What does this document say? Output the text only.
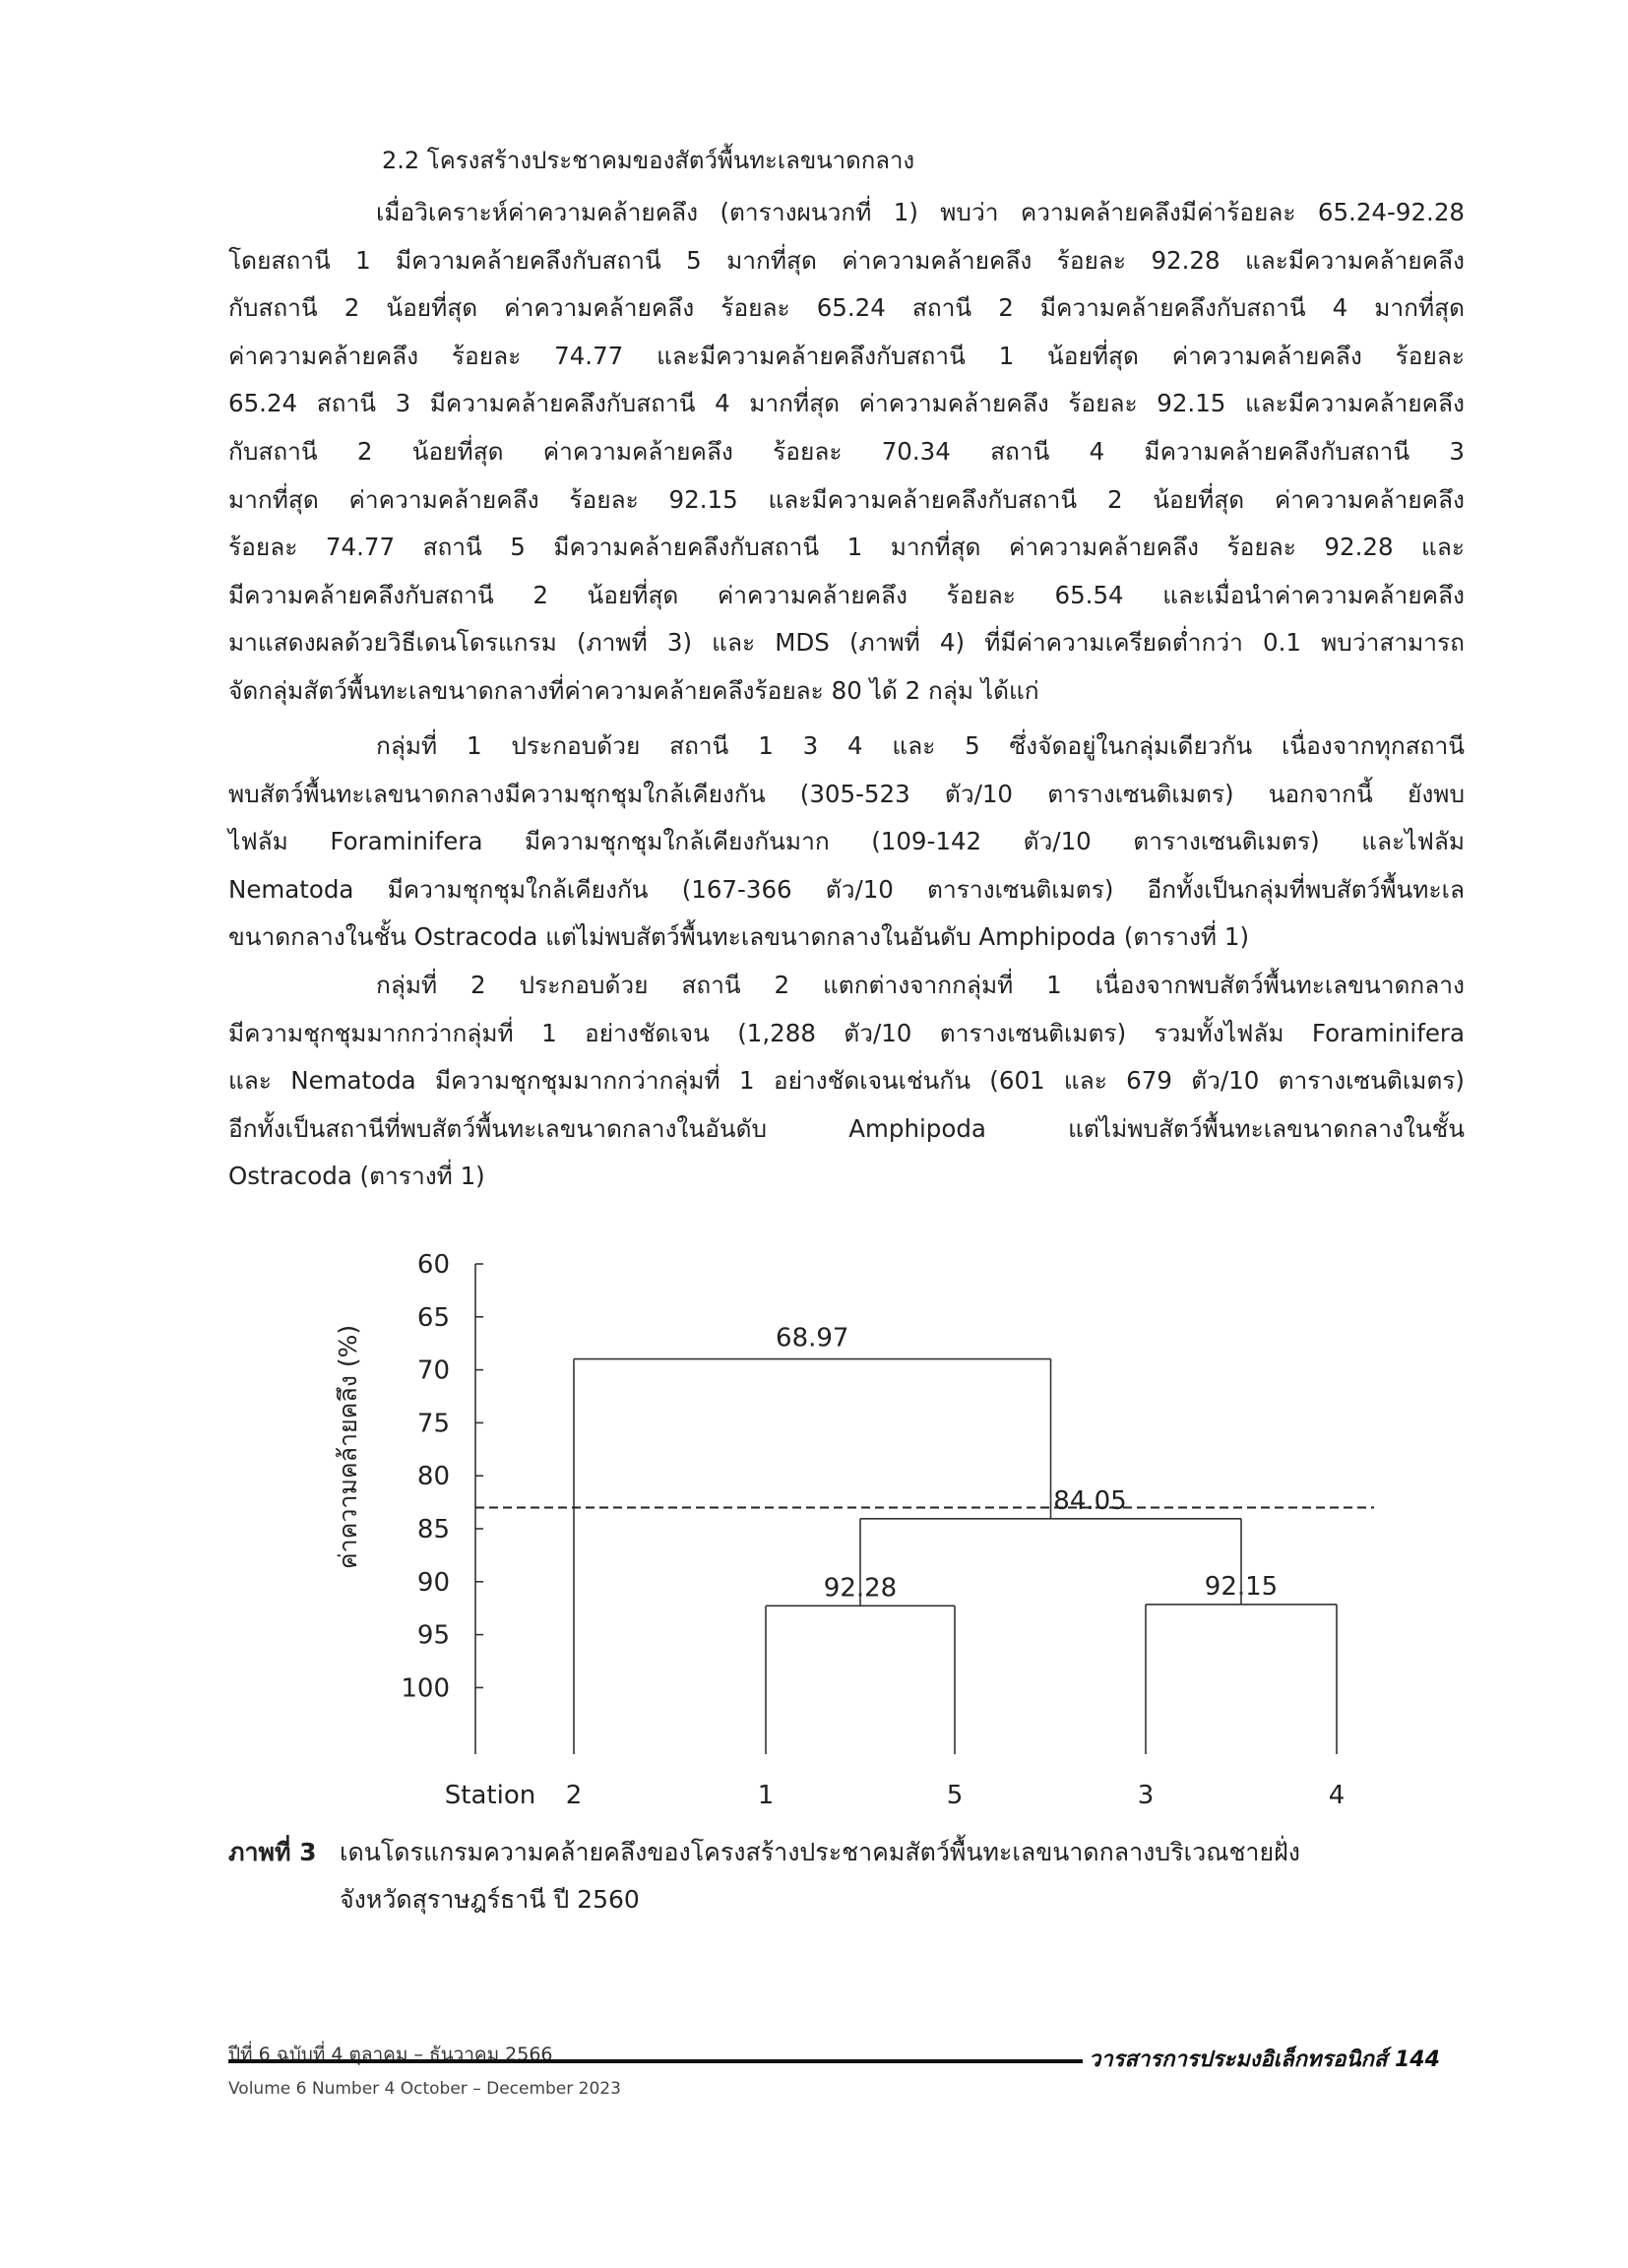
2.2 โครงสร้างประชาคมของสัตว์พื้นทะเลขนาดกลาง
เมื่อวิเคราะห์ค่าความคล้ายคลึง (ตารางผนวกที่ 1) พบว่า ความคล้ายคลึงมีค่าร้อยละ 65.24-92.28
โดยสถานี 1 มีความคล้ายคลึงกับสถานี 5 มากที่สุด ค่าความคล้ายคลึง ร้อยละ 92.28 และมีความคล้ายคลึง
กับสถานี 2 น้อยที่สุด ค่าความคล้ายคลึง ร้อยละ 65.24 สถานี 2 มีความคล้ายคลึงกับสถานี 4 มากที่สุด
ค่าความคล้ายคลึง ร้อยละ 74.77 และมีความคล้ายคลึงกับสถานี 1 น้อยที่สุด ค่าความคล้ายคลึง ร้อยละ
65.24 สถานี 3 มีความคล้ายคลึงกับสถานี 4 มากที่สุด ค่าความคล้ายคลึง ร้อยละ 92.15 และมีความคล้ายคลึง
กับสถานี 2 น้อยที่สุด ค่าความคล้ายคลึง ร้อยละ 70.34 สถานี 4 มีความคล้ายคลึงกับสถานี 3
มากที่สุด ค่าความคล้ายคลึง ร้อยละ 92.15 และมีความคล้ายคลึงกับสถานี 2 น้อยที่สุด ค่าความคล้ายคลึง
ร้อยละ 74.77 สถานี 5 มีความคล้ายคลึงกับสถานี 1 มากที่สุด ค่าความคล้ายคลึง ร้อยละ 92.28 และ
มีความคล้ายคลึงกับสถานี 2 น้อยที่สุด ค่าความคล้ายคลึง ร้อยละ 65.54 และเมื่อนำค่าความคล้ายคลึง
มาแสดงผลด้วยวิธีเดนโดรแกรม (ภาพที่ 3) และ MDS (ภาพที่ 4) ที่มีค่าความเครียดต่ำกว่า 0.1 พบว่าสามารถ
จัดกลุ่มสัตว์พื้นทะเลขนาดกลางที่ค่าความคล้ายคลึงร้อยละ 80 ได้ 2 กลุ่ม ได้แก่
กลุ่มที่ 1 ประกอบด้วย สถานี 1 3 4 และ 5 ซึ่งจัดอยู่ในกลุ่มเดียวกัน เนื่องจากทุกสถานี
พบสัตว์พื้นทะเลขนาดกลางมีความชุกชุมใกล้เคียงกัน (305-523 ตัว/10 ตารางเซนติเมตร) นอกจากนี้ ยังพบ
ไฟลัม Foraminifera มีความชุกชุมใกล้เคียงกันมาก (109-142 ตัว/10 ตารางเซนติเมตร) และไฟลัม
Nematoda มีความชุกชุมใกล้เคียงกัน (167-366 ตัว/10 ตารางเซนติเมตร) อีกทั้งเป็นกลุ่มที่พบสัตว์พื้นทะเล
ขนาดกลางในชั้น Ostracoda แต่ไม่พบสัตว์พื้นทะเลขนาดกลางในอันดับ Amphipoda (ตารางที่ 1)
กลุ่มที่ 2 ประกอบด้วย สถานี 2 แตกต่างจากกลุ่มที่ 1 เนื่องจากพบสัตว์พื้นทะเลขนาดกลาง
มีความชุกชุมมากกว่ากลุ่มที่ 1 อย่างชัดเจน (1,288 ตัว/10 ตารางเซนติเมตร) รวมทั้งไฟลัม Foraminifera
และ Nematoda มีความชุกชุมมากกว่ากลุ่มที่ 1 อย่างชัดเจนเช่นกัน (601 และ 679 ตัว/10 ตารางเซนติเมตร)
อีกทั้งเป็นสถานีที่พบสัตว์พื้นทะเลขนาดกลางในอันดับ Amphipoda แต่ไม่พบสัตว์พื้นทะเลขนาดกลางในชั้น
Ostracoda (ตารางที่ 1)
60
65
70
75
80
85
90
95
100
ค่าความคล้ายคลึง (%)
92.28	92.15
84.05
68.97
Station 2	1	5	3	4
ภาพที่ 3 เดนโดรแกรมความคล้ายคลึงของโครงสร้างประชาคมสัตว์พื้นทะเลขนาดกลางบริเวณชายฝั่ง
จังหวัดสุราษฎร์ธานี ปี 2560
ปีที่ 6 ฉบับที่ 4 ตุลาคม – ธันวาคม 2566	วารสารการประมงอิเล็กทรอนิกส์ 144
Volume 6 Number 4 October – December 2023
